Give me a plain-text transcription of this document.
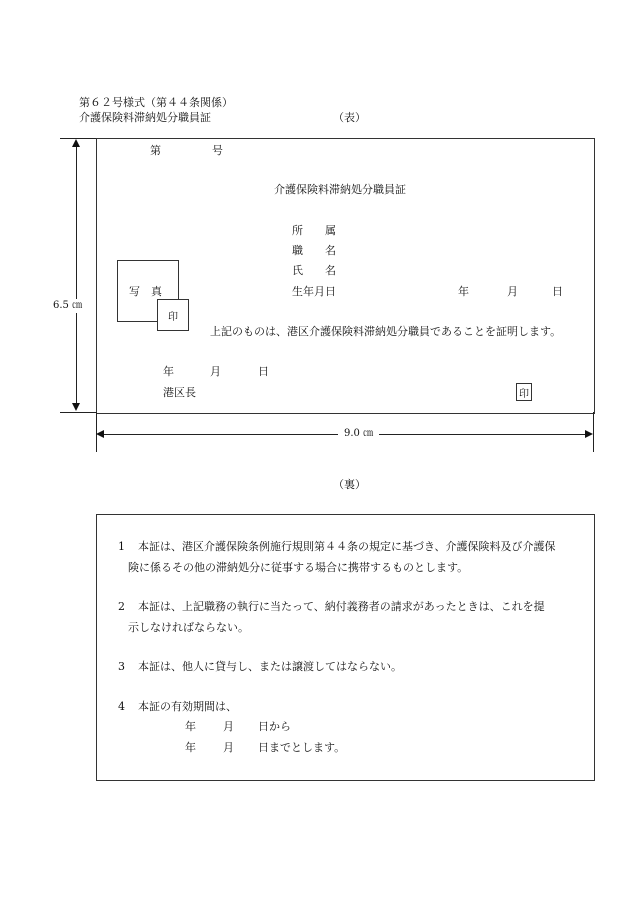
第６２号様式（第４４条関係）
介護保険料滞納処分職員証	（表）
第	号
介護保険料滞納処分職員証
所　　属
職　　名
氏　　名
生年月日	年	月	日
写　真
印
上記のものは、港区介護保険料滞納処分職員であることを証明します。
年	月	日
港区長	印
6.5 ㎝
9.0 ㎝
（裏）
1 本証は、港区介護保険条例施行規則第４４条の規定に基づき、介護保険料及び介護保
険に係るその他の滞納処分に従事する場合に携帯するものとします。
2 本証は、上記職務の執行に当たって、納付義務者の請求があったときは、これを提
示しなければならない。
3 本証は、他人に貸与し、または譲渡してはならない。
4 本証の有効期間は、
年 月 日から
年 月 日までとします。
